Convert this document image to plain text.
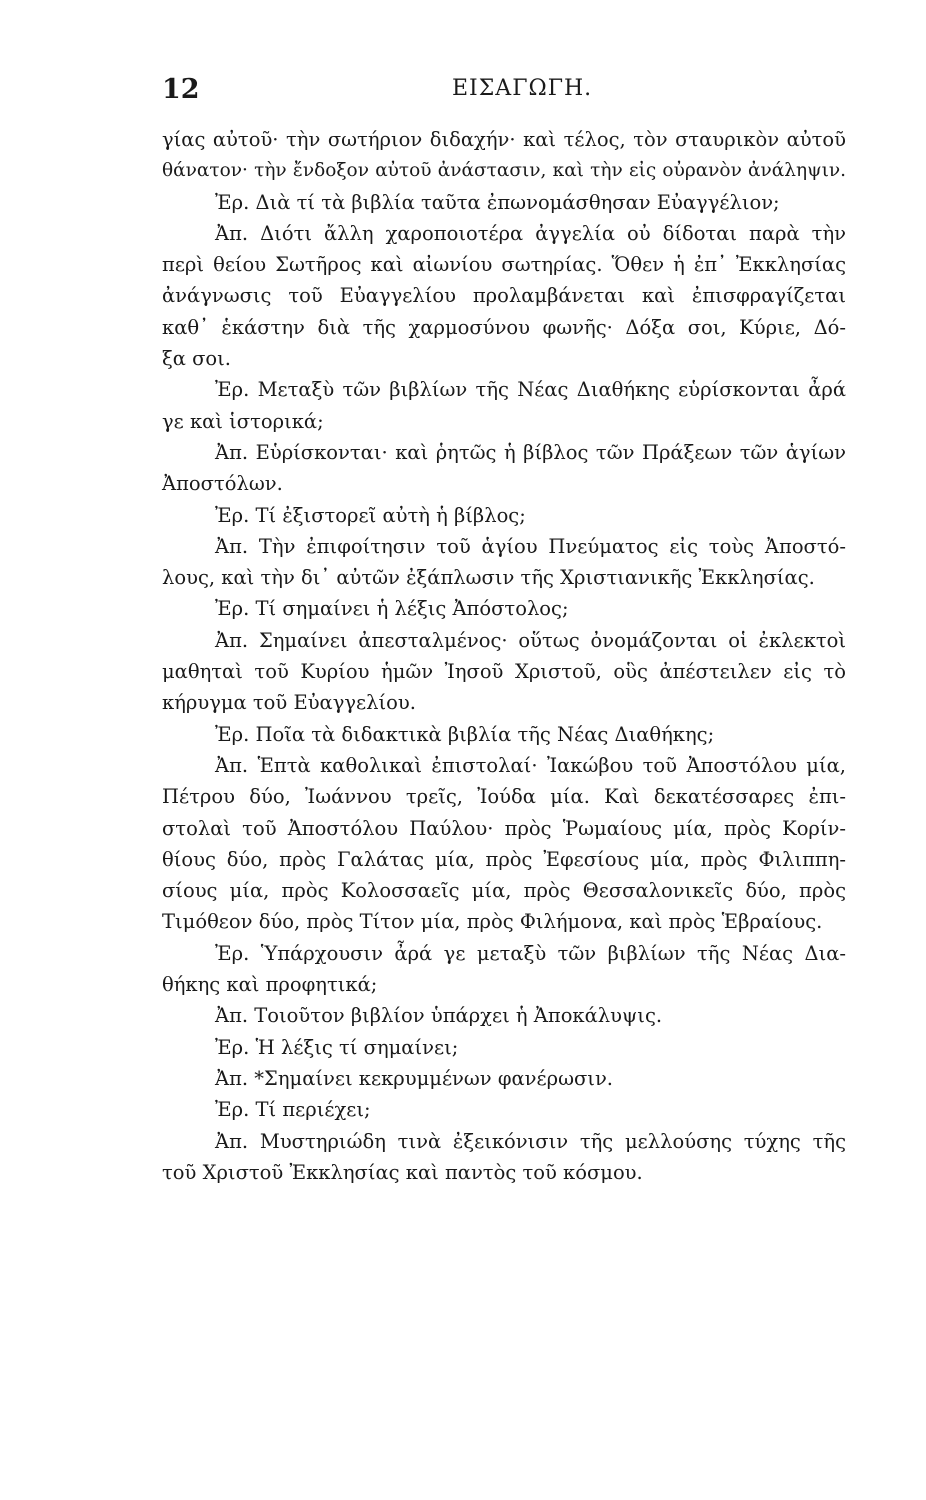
12	ΕΙΣΑΓΩΓΗ.
γίας αὐτοῦ· τὴν σωτήριον διδαχήν· καὶ τέλος, τὸν σταυρικὸν αὐτοῦ
θάνατον· τὴν ἔνδοξον αὐτοῦ ἀνάστασιν, καὶ τὴν εἰς οὐρανὸν ἀνάληψιν.
Ἐρ. Διὰ τί τὰ βιβλία ταῦτα ἐπωνομάσθησαν Εὐαγγέλιον;
Ἀπ. Διότι ἄλλη χαροποιοτέρα ἀγγελία οὐ δίδοται παρὰ τὴν
περὶ θείου Σωτῆρος καὶ αἰωνίου σωτηρίας. Ὅθεν ἡ ἐπ᾽ Ἐκκλησίας
ἀνάγνωσις τοῦ Εὐαγγελίου προλαμβάνεται καὶ ἐπισφραγίζεται
καθ᾽ ἑκάστην διὰ τῆς χαρμοσύνου φωνῆς· Δόξα σοι, Κύριε, Δό-
ξα σοι.
Ἐρ. Μεταξὺ τῶν βιβλίων τῆς Νέας Διαθήκης εὑρίσκονται ἆρά
γε καὶ ἱστορικά;
Ἀπ. Εὑρίσκονται· καὶ ῥητῶς ἡ βίβλος τῶν Πράξεων τῶν ἁγίων
Ἀποστόλων.
Ἐρ. Τί ἐξιστορεῖ αὐτὴ ἡ βίβλος;
Ἀπ. Τὴν ἐπιφοίτησιν τοῦ ἁγίου Πνεύματος εἰς τοὺς Ἀποστό-
λους, καὶ τὴν δι᾽ αὐτῶν ἐξάπλωσιν τῆς Χριστιανικῆς Ἐκκλησίας.
Ἐρ. Τί σημαίνει ἡ λέξις Ἀπόστολος;
Ἀπ. Σημαίνει ἀπεσταλμένος· οὕτως ὀνομάζονται οἱ ἐκλεκτοὶ
μαθηταὶ τοῦ Κυρίου ἡμῶν Ἰησοῦ Χριστοῦ, οὓς ἀπέστειλεν εἰς τὸ
κήρυγμα τοῦ Εὐαγγελίου.
Ἐρ. Ποῖα τὰ διδακτικὰ βιβλία τῆς Νέας Διαθήκης;
Ἀπ. Ἑπτὰ καθολικαὶ ἐπιστολαί· Ἰακώβου τοῦ Ἀποστόλου μία,
Πέτρου δύο, Ἰωάννου τρεῖς, Ἰούδα μία. Καὶ δεκατέσσαρες ἐπι-
στολαὶ τοῦ Ἀποστόλου Παύλου· πρὸς Ῥωμαίους μία, πρὸς Κορίν-
θίους δύο, πρὸς Γαλάτας μία, πρὸς Ἐφεσίους μία, πρὸς Φιλιππη-
σίους μία, πρὸς Κολοσσαεῖς μία, πρὸς Θεσσαλονικεῖς δύο, πρὸς
Τιμόθεον δύο, πρὸς Τίτον μία, πρὸς Φιλήμονα, καὶ πρὸς Ἑβραίους.
Ἐρ. Ὑπάρχουσιν ἆρά γε μεταξὺ τῶν βιβλίων τῆς Νέας Δια-
θήκης καὶ προφητικά;
Ἀπ. Τοιοῦτον βιβλίον ὑπάρχει ἡ Ἀποκάλυψις.
Ἐρ. Ἡ λέξις τί σημαίνει;
Ἀπ. *Σημαίνει κεκρυμμένων φανέρωσιν.
Ἐρ. Τί περιέχει;
Ἀπ. Μυστηριώδη τινὰ ἐξεικόνισιν τῆς μελλούσης τύχης τῆς
τοῦ Χριστοῦ Ἐκκλησίας καὶ παντὸς τοῦ κόσμου.
